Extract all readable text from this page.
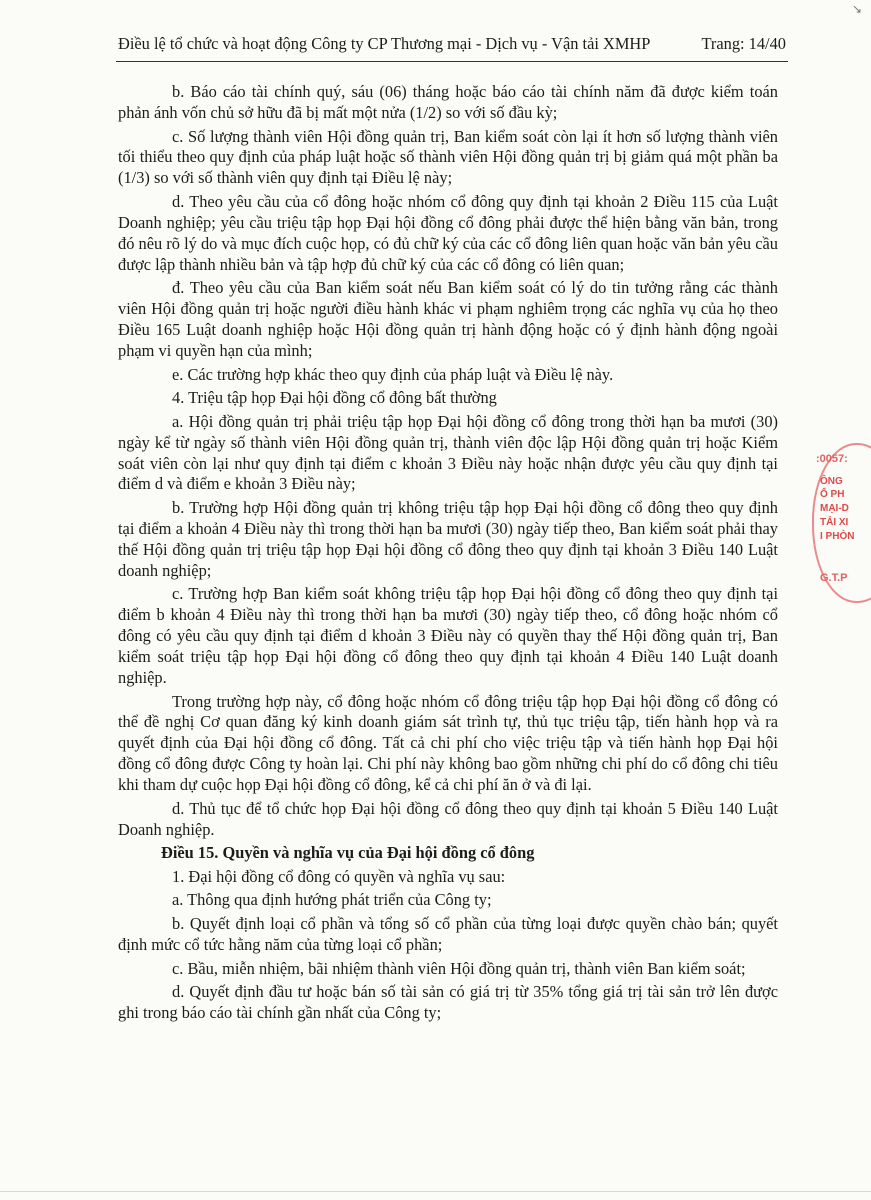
Điều lệ tổ chức và hoạt động Công ty CP Thương mại - Dịch vụ - Vận tải XMHP	Trang: 14/40

b. Báo cáo tài chính quý, sáu (06) tháng hoặc báo cáo tài chính năm đã được kiểm toán phản ánh vốn chủ sở hữu đã bị mất một nửa (1/2) so với số đầu kỳ;

c. Số lượng thành viên Hội đồng quản trị, Ban kiểm soát còn lại ít hơn số lượng thành viên tối thiểu theo quy định của pháp luật hoặc số thành viên Hội đồng quản trị bị giảm quá một phần ba (1/3) so với số thành viên quy định tại Điều lệ này;

d. Theo yêu cầu của cổ đông hoặc nhóm cổ đông quy định tại khoản 2 Điều 115 của Luật Doanh nghiệp; yêu cầu triệu tập họp Đại hội đồng cổ đông phải được thể hiện bằng văn bản, trong đó nêu rõ lý do và mục đích cuộc họp, có đủ chữ ký của các cổ đông liên quan hoặc văn bản yêu cầu được lập thành nhiều bản và tập hợp đủ chữ ký của các cổ đông có liên quan;

đ. Theo yêu cầu của Ban kiểm soát nếu Ban kiểm soát có lý do tin tưởng rằng các thành viên Hội đồng quản trị hoặc người điều hành khác vi phạm nghiêm trọng các nghĩa vụ của họ theo Điều 165 Luật doanh nghiệp hoặc Hội đồng quản trị hành động hoặc có ý định hành động ngoài phạm vi quyền hạn của mình;

e. Các trường hợp khác theo quy định của pháp luật và Điều lệ này.

4. Triệu tập họp Đại hội đồng cổ đông bất thường

a. Hội đồng quản trị phải triệu tập họp Đại hội đồng cổ đông trong thời hạn ba mươi (30) ngày kể từ ngày số thành viên Hội đồng quản trị, thành viên độc lập Hội đồng quản trị hoặc Kiểm soát viên còn lại như quy định tại điểm c khoản 3 Điều này hoặc nhận được yêu cầu quy định tại điểm d và điểm e khoản 3 Điều này;

b. Trường hợp Hội đồng quản trị không triệu tập họp Đại hội đồng cổ đông theo quy định tại điểm a khoản 4 Điều này thì trong thời hạn ba mươi (30) ngày tiếp theo, Ban kiểm soát phải thay thế Hội đồng quản trị triệu tập họp Đại hội đồng cổ đông theo quy định tại khoản 3 Điều 140 Luật doanh nghiệp;

c. Trường hợp Ban kiểm soát không triệu tập họp Đại hội đồng cổ đông theo quy định tại điểm b khoản 4 Điều này thì trong thời hạn ba mươi (30) ngày tiếp theo, cổ đông hoặc nhóm cổ đông có yêu cầu quy định tại điểm d khoản 3 Điều này có quyền thay thế Hội đồng quản trị, Ban kiểm soát triệu tập họp Đại hội đồng cổ đông theo quy định tại khoản 4 Điều 140 Luật doanh nghiệp.

Trong trường hợp này, cổ đông hoặc nhóm cổ đông triệu tập họp Đại hội đồng cổ đông có thể đề nghị Cơ quan đăng ký kinh doanh giám sát trình tự, thủ tục triệu tập, tiến hành họp và ra quyết định của Đại hội đồng cổ đông. Tất cả chi phí cho việc triệu tập và tiến hành họp Đại hội đồng cổ đông được Công ty hoàn lại. Chi phí này không bao gồm những chi phí do cổ đông chi tiêu khi tham dự cuộc họp Đại hội đồng cổ đông, kể cả chi phí ăn ở và đi lại.

d. Thủ tục để tổ chức họp Đại hội đồng cổ đông theo quy định tại khoản 5 Điều 140 Luật Doanh nghiệp.

Điều 15. Quyền và nghĩa vụ của Đại hội đồng cổ đông

1. Đại hội đồng cổ đông có quyền và nghĩa vụ sau:

a. Thông qua định hướng phát triển của Công ty;

b. Quyết định loại cổ phần và tổng số cổ phần của từng loại được quyền chào bán; quyết định mức cổ tức hằng năm của từng loại cổ phần;

c. Bầu, miễn nhiệm, bãi nhiệm thành viên Hội đồng quản trị, thành viên Ban kiểm soát;

d. Quyết định đầu tư hoặc bán số tài sản có giá trị từ 35% tổng giá trị tài sản trở lên được ghi trong báo cáo tài chính gần nhất của Công ty;

:0057:
ÔNG
Ổ PH
MẠI-D
TẢI XI
I PHÒN
G.T.P
↘
